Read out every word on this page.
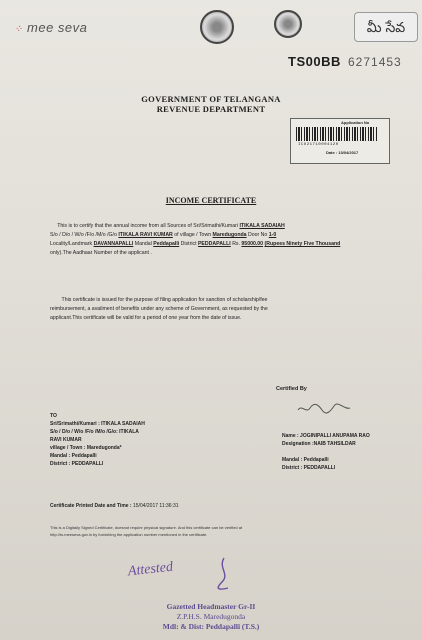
⁘ mee seva	మీ సేవ
TS00BB 6271453
GOVERNMENT OF TELANGANA
REVENUE DEPARTMENT
Application No
ICO21710004120
Date : 13/04/2017
INCOME CERTIFICATE
This is to certify that the annual income from all Sources of Sri/Srimathi/Kumari ITIKALA SADAIAH
S/o / D/o / W/o /F/o /M/o /G/o ITIKALA RAVI KUMAR of village / Town Maredugonda Door No 1-0
Locality/Landmark DAVANNAPALLI Mandal Peddapalli District PEDDAPALLI Rs. 95000.00 (Rupees Ninety Five Thousand
only).The Aadhaar Number of the applicant .
This certificate is issued for the purpose of filing application for sanction of scholarship/fee
reimbursement, a availment of benefits under any scheme of Government, as requested by the
applicant.This certificate will be valid for a period of one year from the date of issue.
Certified By
TO
Sri/Srimathi/Kumari : ITIKALA SADAIAH
S/o / D/o / W/o /F/o /M/o /G/o: ITIKALA
RAVI KUMAR
village / Town : Maredugonda*
Mandal : Peddapalli
District : PEDDAPALLI
Name : JOGINIPALLI ANUPAMA RAO
Designation :NAIB TAHSILDAR
Mandal : Peddapalli
District : PEDDAPALLI
Certificate Printed Date and Time : 15/04/2017 11:36:31
This is a Digitally Signed Certificate, doesnot require physical signature. And this certificate can be verified at
http://ts.meeseva.gov.in by furnishing the application number mentioned in the certificate.
Attested
Gazetted Headmaster Gr-II
Z.P.H.S. Maredugonda
Mdl: & Dist: Peddapalli (T.S.)
